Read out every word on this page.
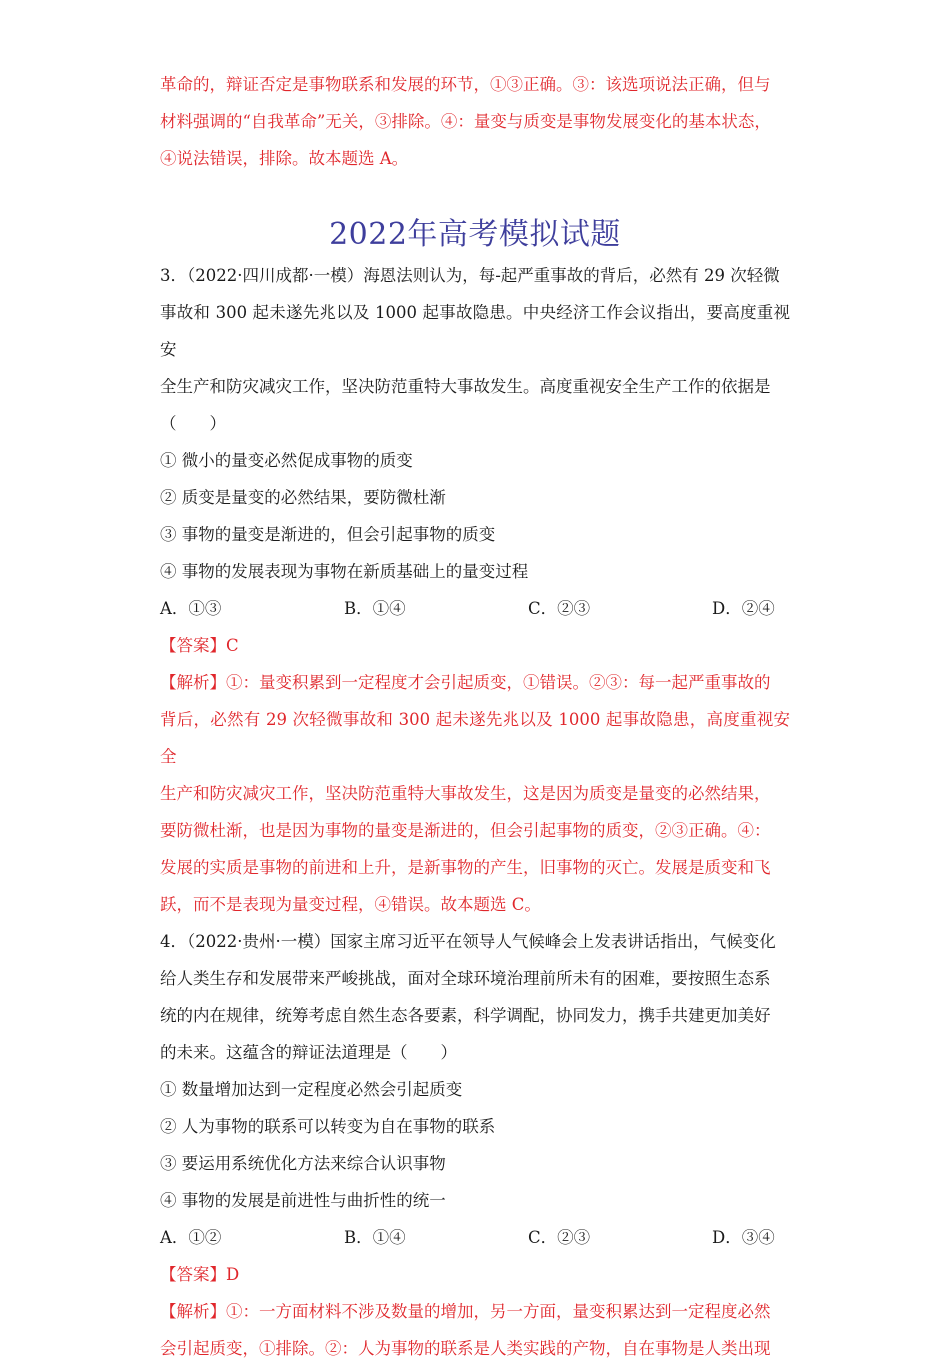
革命的，辩证否定是事物联系和发展的环节，①③正确。③：该选项说法正确，但与

材料强调的“自我革命”无关，③排除。④：量变与质变是事物发展变化的基本状态，

④说法错误，排除。故本题选 A。

2022年高考模拟试题

3．（2022·四川成都·一模）海恩法则认为，每-起严重事故的背后，必然有 29 次轻微

事故和 300 起未遂先兆以及 1000 起事故隐患。中央经济工作会议指出，要高度重视安

全生产和防灾减灾工作，坚决防范重特大事故发生。高度重视安全生产工作的依据是

（　　）

① 微小的量变必然促成事物的质变

② 质变是量变的必然结果，要防微杜渐

③ 事物的量变是渐进的，但会引起事物的质变

④ 事物的发展表现为事物在新质基础上的量变过程

A．①③	B．①④	C．②③	D．②④

【答案】C

【解析】①：量变积累到一定程度才会引起质变，①错误。②③：每一起严重事故的

背后，必然有 29 次轻微事故和 300 起未遂先兆以及 1000 起事故隐患，高度重视安全

生产和防灾减灾工作，坚决防范重特大事故发生，这是因为质变是量变的必然结果，

要防微杜渐，也是因为事物的量变是渐进的，但会引起事物的质变，②③正确。④：

发展的实质是事物的前进和上升，是新事物的产生，旧事物的灭亡。发展是质变和飞

跃，而不是表现为量变过程，④错误。故本题选 C。

4．（2022·贵州·一模）国家主席习近平在领导人气候峰会上发表讲话指出，气候变化

给人类生存和发展带来严峻挑战，面对全球环境治理前所未有的困难，要按照生态系

统的内在规律，统筹考虑自然生态各要素，科学调配，协同发力，携手共建更加美好

的未来。这蕴含的辩证法道理是（　　）

① 数量增加达到一定程度必然会引起质变

② 人为事物的联系可以转变为自在事物的联系

③ 要运用系统优化方法来综合认识事物

④ 事物的发展是前进性与曲折性的统一

A．①②	B．①④	C．②③	D．③④

【答案】D

【解析】①：一方面材料不涉及数量的增加，另一方面，量变积累达到一定程度必然

会引起质变，①排除。②：人为事物的联系是人类实践的产物，自在事物是人类出现
